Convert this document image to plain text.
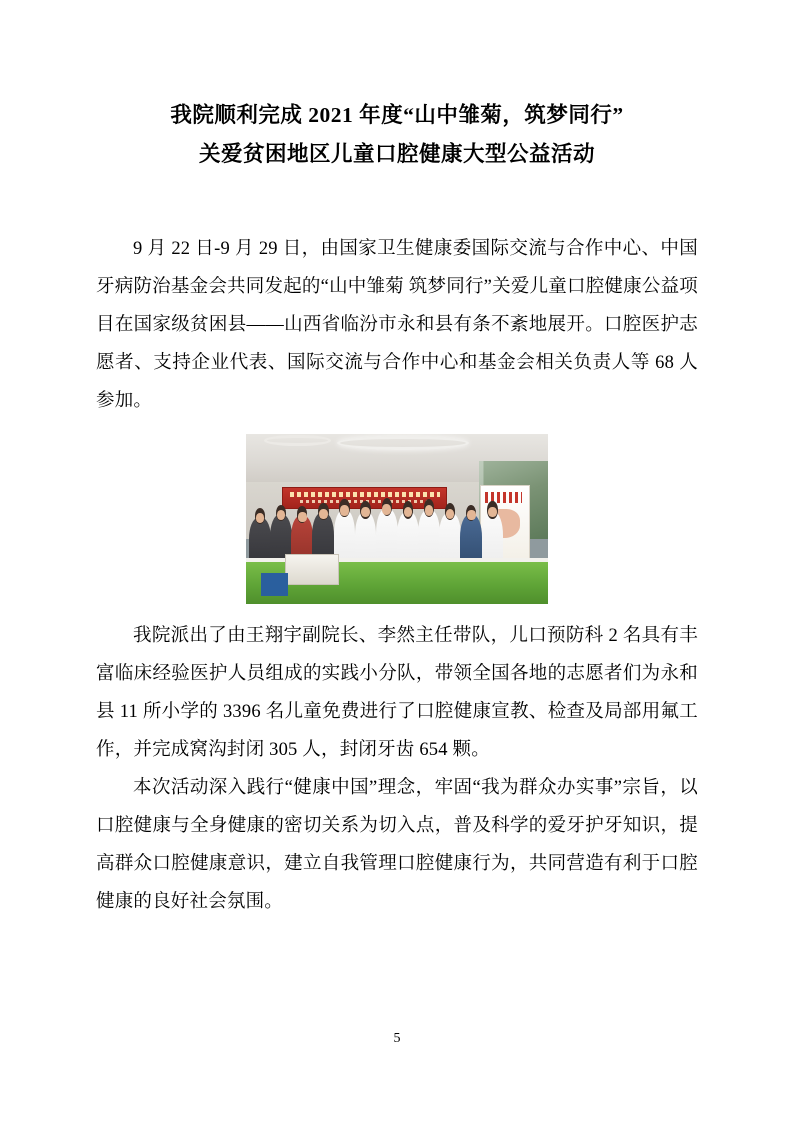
我院顺利完成 2021 年度“山中雏菊，筑梦同行”
关爱贫困地区儿童口腔健康大型公益活动

9 月 22 日-9 月 29 日，由国家卫生健康委国际交流与合作中心、中国牙病防治基金会共同发起的“山中雏菊 筑梦同行”关爱儿童口腔健康公益项目在国家级贫困县——山西省临汾市永和县有条不紊地展开。口腔医护志愿者、支持企业代表、国际交流与合作中心和基金会相关负责人等 68 人参加。

我院派出了由王翔宇副院长、李然主任带队，儿口预防科 2 名具有丰富临床经验医护人员组成的实践小分队，带领全国各地的志愿者们为永和县 11 所小学的 3396 名儿童免费进行了口腔健康宣教、检查及局部用氟工作，并完成窝沟封闭 305 人，封闭牙齿 654 颗。

本次活动深入践行“健康中国”理念，牢固“我为群众办实事”宗旨，以口腔健康与全身健康的密切关系为切入点，普及科学的爱牙护牙知识，提高群众口腔健康意识，建立自我管理口腔健康行为，共同营造有利于口腔健康的良好社会氛围。

5
